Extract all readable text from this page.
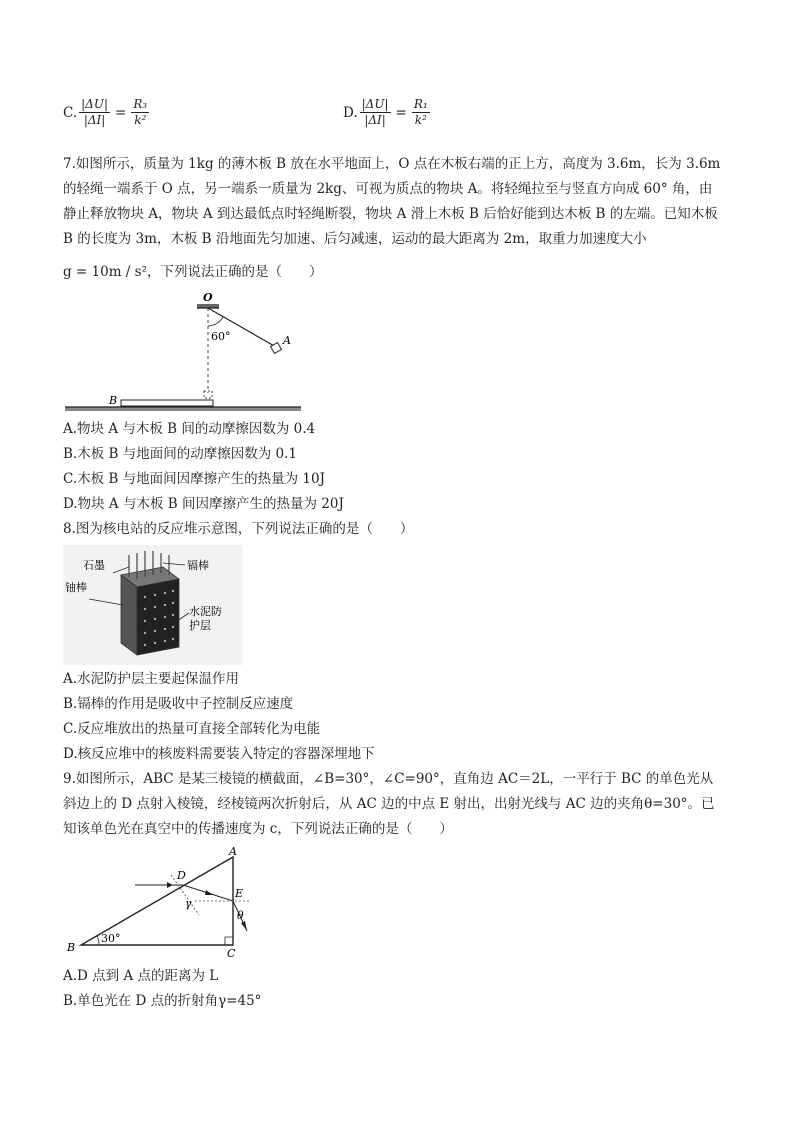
C. $\frac{|\Delta U|}{|\Delta I|} = \frac{\text{R₃}}{\text{k²}}$	D. $\frac{|\Delta U|}{|\Delta I|} = \frac{\text{R₁}}{\text{k²}}$
7.如图所示，质量为 1kg 的薄木板 B 放在水平地面上，O 点在木板右端的正上方，高度为 3.6m，长为 3.6m
的轻绳一端系于 O 点，另一端系一质量为 2kg、可视为质点的物块 A。将轻绳拉至与竖直方向成 60° 角，由
静止释放物块 A，物块 A 到达最低点时轻绳断裂，物块 A 滑上木板 B 后恰好能到达木板 B 的左端。已知木板
B 的长度为 3m，木板 B 沿地面先匀加速、后匀减速，运动的最大距离为 2m，取重力加速度大小
g = 10m / s²，下列说法正确的是（　　）
O
60°	A
B
A.物块 A 与木板 B 间的动摩擦因数为 0.4
B.木板 B 与地面间的动摩擦因数为 0.1
C.木板 B 与地面间因摩擦产生的热量为 10J
D.物块 A 与木板 B 间因摩擦产生的热量为 20J
8.图为核电站的反应堆示意图，下列说法正确的是（　　）
石墨	镉棒
铀棒
水泥防
护层
A.水泥防护层主要起保温作用
B.镉棒的作用是吸收中子控制反应速度
C.反应堆放出的热量可直接全部转化为电能
D.核反应堆中的核废料需要装入特定的容器深埋地下
9.如图所示，ABC 是某三棱镜的横截面，∠B=30°，∠C=90°，直角边 AC＝2L，一平行于 BC 的单色光从
斜边上的 D 点射入棱镜，经棱镜两次折射后，从 AC 边的中点 E 射出，出射光线与 AC 边的夹角θ=30°。已
知该单色光在真空中的传播速度为 c，下列说法正确的是（　　）
30°
A
B	C
D
E
γ
θ
A.D 点到 A 点的距离为 L
B.单色光在 D 点的折射角γ=45°
